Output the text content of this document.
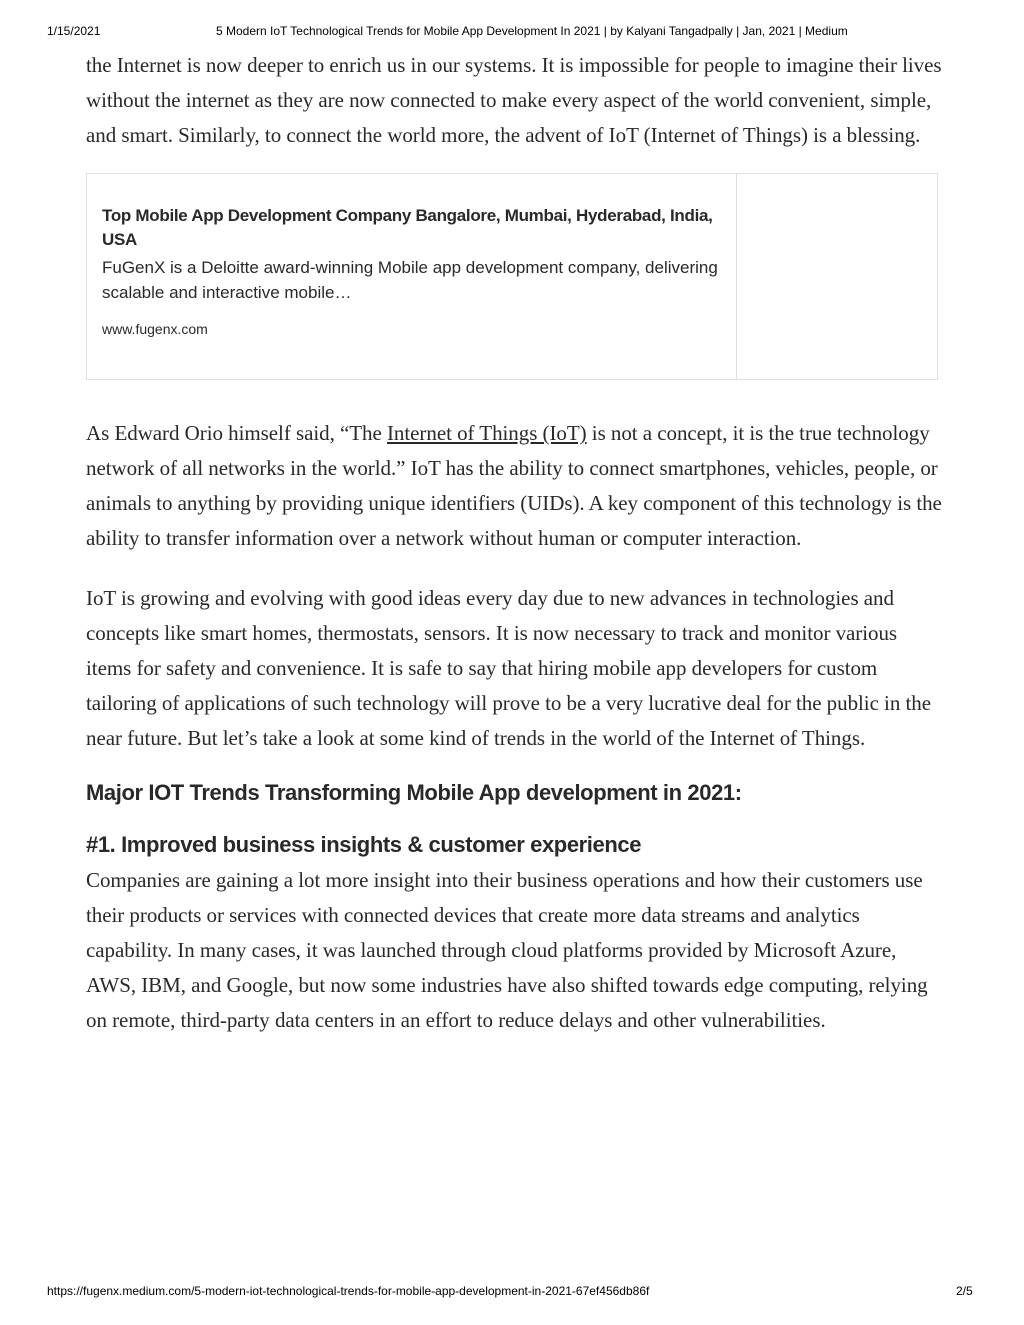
1/15/2021	5 Modern IoT Technological Trends for Mobile App Development In 2021 | by Kalyani Tangadpally | Jan, 2021 | Medium

the Internet is now deeper to enrich us in our systems. It is impossible for people to imagine their lives without the internet as they are now connected to make every aspect of the world convenient, simple, and smart. Similarly, to connect the world more, the advent of IoT (Internet of Things) is a blessing.

Top Mobile App Development Company Bangalore, Mumbai, Hyderabad, India, USA
FuGenX is a Deloitte award-winning Mobile app development company, delivering scalable and interactive mobile…
www.fugenx.com

As Edward Orio himself said, “The Internet of Things (IoT) is not a concept, it is the true technology network of all networks in the world.” IoT has the ability to connect smartphones, vehicles, people, or animals to anything by providing unique identifiers (UIDs). A key component of this technology is the ability to transfer information over a network without human or computer interaction.

IoT is growing and evolving with good ideas every day due to new advances in technologies and concepts like smart homes, thermostats, sensors. It is now necessary to track and monitor various items for safety and convenience. It is safe to say that hiring mobile app developers for custom tailoring of applications of such technology will prove to be a very lucrative deal for the public in the near future. But let’s take a look at some kind of trends in the world of the Internet of Things.

Major IOT Trends Transforming Mobile App development in 2021:
#1. Improved business insights & customer experience

Companies are gaining a lot more insight into their business operations and how their customers use their products or services with connected devices that create more data streams and analytics capability. In many cases, it was launched through cloud platforms provided by Microsoft Azure, AWS, IBM, and Google, but now some industries have also shifted towards edge computing, relying on remote, third-party data centers in an effort to reduce delays and other vulnerabilities.

https://fugenx.medium.com/5-modern-iot-technological-trends-for-mobile-app-development-in-2021-67ef456db86f	2/5
